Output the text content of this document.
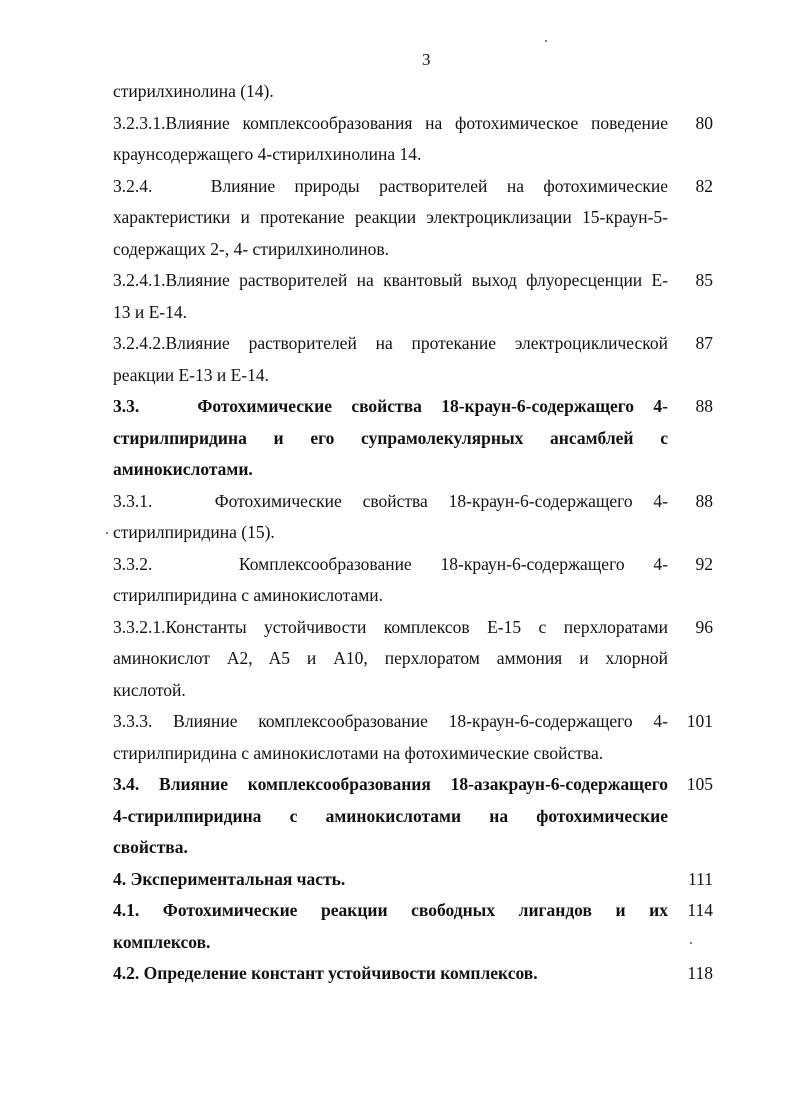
3
стирилхинолина (14).
3.2.3.1.Влияние комплексообразования на фотохимическое поведение
краунсодержащего 4-стирилхинолина 14.
80
3.2.4.   Влияние природы растворителей на фотохимические
характеристики и протекание реакции электроциклизации 15-краун-5-
содержащих 2-, 4- стирилхинолинов.
82
3.2.4.1.Влияние растворителей на квантовый выход флуоресценции E-
13 и E-14.
85
3.2.4.2.Влияние растворителей на протекание электроциклической
реакции E-13 и E-14.
87
3.3.   Фотохимические свойства 18-краун-6-содержащего 4-
стирилпиридина и его супрамолекулярных ансамблей с
аминокислотами.
88
3.3.1.   Фотохимические свойства 18-краун-6-содержащего 4-
стирилпиридина (15).
88
3.3.2.   Комплексообразование 18-краун-6-содержащего 4-
стирилпиридина с аминокислотами.
92
3.3.2.1.Константы устойчивости комплексов E-15 с перхлоратами
аминокислот A2, A5 и A10, перхлоратом аммония и хлорной
кислотой.
96
3.3.3. Влияние комплексообразование 18-краун-6-содержащего 4-
стирилпиридина с аминокислотами на фотохимические свойства.
101
3.4. Влияние комплексообразования 18-азакраун-6-содержащего
4-стирилпиридина с аминокислотами на фотохимические
свойства.
105
4. Экспериментальная часть.	111
4.1. Фотохимические реакции свободных лигандов и их
комплексов.
114
4.2. Определение констант устойчивости комплексов.	118
